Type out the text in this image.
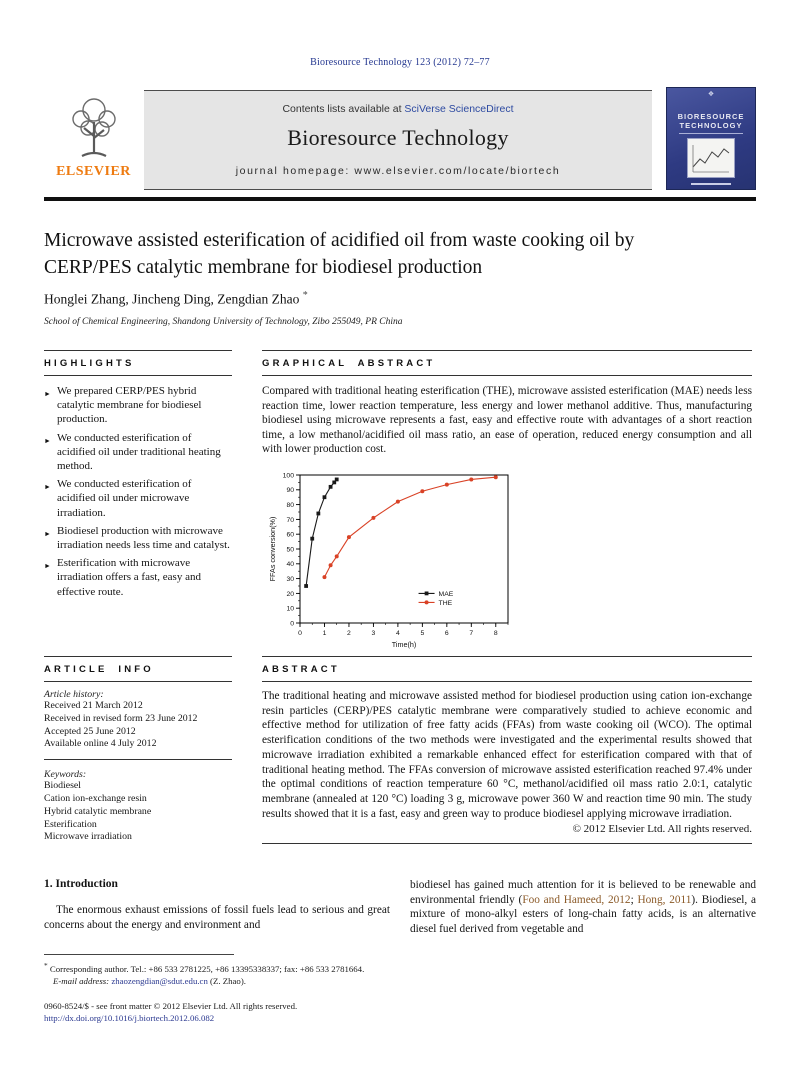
Bioresource Technology 123 (2012) 72–77
ELSEVIER
Contents lists available at SciVerse ScienceDirect
Bioresource Technology
journal homepage: www.elsevier.com/locate/biortech
❖
BIORESOURCE
TECHNOLOGY
Microwave assisted esterification of acidified oil from waste cooking oil by
CERP/PES catalytic membrane for biodiesel production
Honglei Zhang, Jincheng Ding, Zengdian Zhao *
School of Chemical Engineering, Shandong University of Technology, Zibo 255049, PR China
HIGHLIGHTS
► We prepared CERP/PES hybrid catalytic membrane for biodiesel production.
► We conducted esterification of acidified oil under traditional heating method.
► We conducted esterification of acidified oil under microwave irradiation.
► Biodiesel production with microwave irradiation needs less time and catalyst.
► Esterification with microwave irradiation offers a fast, easy and effective route.
GRAPHICAL ABSTRACT
Compared with traditional heating esterification (THE), microwave assisted esterification (MAE) needs less reaction time, lower reaction temperature, less energy and lower methanol additive. Thus, manufacturing biodiesel using microwave represents a fast, easy and effective route with advantages of a short reaction time, a low methanol/acidified oil mass ratio, an ease of operation, reduced energy consumption and all with lower production cost.
0	1	2	3	4	5	6	7	8
0
10
20
30
40
50
60
70
80
90
100
Time(h)
FFAs conversion(%)
MAE
THE
ARTICLE INFO
Article history:
Received 21 March 2012
Received in revised form 23 June 2012
Accepted 25 June 2012
Available online 4 July 2012
Keywords:
Biodiesel
Cation ion-exchange resin
Hybrid catalytic membrane
Esterification
Microwave irradiation
ABSTRACT
The traditional heating and microwave assisted method for biodiesel production using cation ion-exchange resin particles (CERP)/PES catalytic membrane were comparatively studied to achieve economic and effective method for utilization of free fatty acids (FFAs) from waste cooking oil (WCO). The optimal esterification conditions of the two methods were investigated and the experimental results showed that microwave irradiation exhibited a remarkable enhanced effect for esterification compared with that of traditional heating method. The FFAs conversion of microwave assisted esterification reached 97.4% under the optimal conditions of reaction temperature 60 °C, methanol/acidified oil mass ratio 2.0:1, catalytic membrane (annealed at 120 °C) loading 3 g, microwave power 360 W and reaction time 90 min. The study results showed that it is a fast, easy and green way to produce biodiesel applying microwave irradiation.
© 2012 Elsevier Ltd. All rights reserved.
1. Introduction
The enormous exhaust emissions of fossil fuels lead to serious and great concerns about the energy and environment and
biodiesel has gained much attention for it is believed to be renewable and environmental friendly (Foo and Hameed, 2012; Hong, 2011). Biodiesel, a mixture of mono-alkyl esters of long-chain fatty acids, is an alternative diesel fuel derived from vegetable and
* Corresponding author. Tel.: +86 533 2781225, +86 13395338337; fax: +86 533 2781664.
E-mail address: zhaozengdian@sdut.edu.cn (Z. Zhao).
0960-8524/$ - see front matter © 2012 Elsevier Ltd. All rights reserved.
http://dx.doi.org/10.1016/j.biortech.2012.06.082
